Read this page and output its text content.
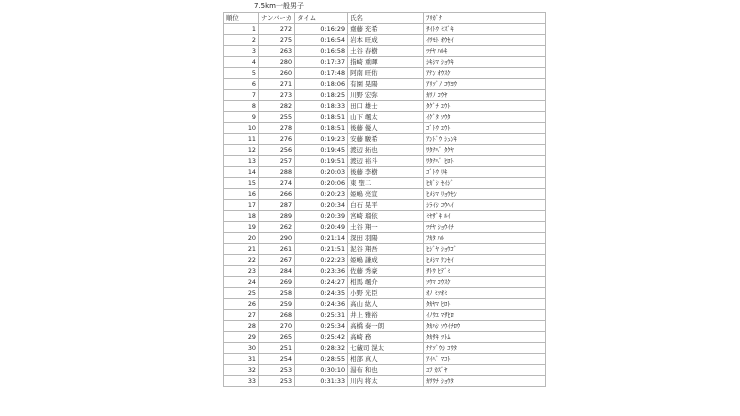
7.5km一般男子
順位	ナンバーカ	タイム	氏名	ﾌﾘｶﾞﾅ
1	272	0:16:29	齋藤 充希	ｻｲﾄｳ ﾐｽﾞｷ
2	275	0:16:54	岩本 旺成	ｲﾜﾓﾄ ｵｳｾｲ
3	263	0:16:58	土谷 春樹	ﾂﾁﾔ ﾊﾙｷ
4	280	0:17:37	指崎 重暉	ｼｷｼﾏ ｼｮｳｷ
5	260	0:17:48	阿南 旺佑	ｱﾅﾝ ｵｳｽｹ
6	271	0:18:06	有園 晃陽	ｱﾘｿﾞﾉ ｺｳﾖｳ
7	273	0:18:25	川野 宏弥	ｶﾜﾉ ｺｳﾔ
8	282	0:18:33	田口 雄士	ﾀｸﾞﾁ ﾕｳﾄ
9	255	0:18:51	山下 颯太	ｲｹﾞﾀ ｿｳﾀ
10	278	0:18:51	後藤 優人	ｺﾞﾄｳ ﾕｳﾄ
11	276	0:19:23	安藤 駿希	ｱﾝﾄﾞｳ ｼｭﾝｷ
12	256	0:19:45	渡辺 拓也	ﾜﾀﾅﾍﾞ ﾀｸﾔ
13	257	0:19:51	渡辺 裕斗	ﾜﾀﾅﾍﾞ ﾋﾛﾄ
14	288	0:20:03	後藤 李樹	ｺﾞﾄｳ ﾘｷ
15	274	0:20:06	東 聖二	ﾋｶﾞｼ ｾｲｼﾞ
16	266	0:20:23	姫嶋 亮宣	ﾋﾒｼﾏ ﾘｮｳｾﾝ
17	287	0:20:34	白石 晃平	ｼﾗｲｼ ｺｳﾍｲ
18	289	0:20:39	宮崎 瑠依	ﾐﾔｻﾞｷ ﾙｲ
19	262	0:20:49	土谷 翔一	ﾂﾁﾔ ｼｮｳｲﾁ
20	290	0:21:14	深田 羽陽	ﾌｶﾀ ﾊﾙ
21	261	0:21:51	泥谷 翔吾	ﾋｼﾞﾔ ｼｮｳｺﾞ
22	267	0:22:23	姫嶋 謙成	ﾋﾒｼﾏ ｹﾝｾｲ
23	284	0:23:36	佐藤 秀豪	ｻﾄｳ ﾋﾃﾞﾐ
24	269	0:24:27	相馬 颯介	ｿｳﾏ ｺｳｽｹ
25	258	0:24:35	小野 光臣	ｵﾉ ﾐﾂｵﾐ
26	259	0:24:36	高山 紘人	ﾀｶﾔﾏ ﾋﾛﾄ
27	268	0:25:31	井上 雅裕	ｲﾉｳｴ ﾏｻﾋﾛ
28	270	0:25:34	高橋 奏一朗	ﾀｶﾊｼ ｿｳｲﾁﾛｳ
29	265	0:25:42	高崎 務	ﾀｶｻｷ ﾂﾄﾑ
30	251	0:28:32	七蔵司 滉太	ﾅﾅｿﾞｳｼ ｺｳﾀ
31	254	0:28:55	相部 真人	ｱｲﾍﾞ ﾏｺﾄ
32	253	0:30:10	湯布 和也	ﾕﾌ ｶｽﾞﾔ
33	253	0:31:33	川内 将太	ｶﾜｳﾁ ｼｮｳﾀ
